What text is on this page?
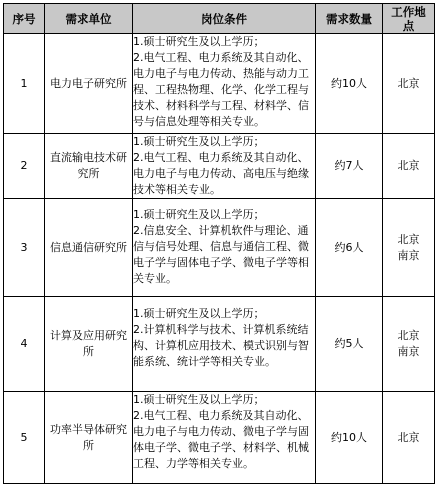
序号	需求单位	岗位条件	需求数量	工作地点
1	电力电子研究所	1.硕士研究生及以上学历；
2.电气工程、电力系统及其自动化、电力电子与电力传动、热能与动力工程、工程热物理、化学、化学工程与技术、材料科学与工程、材料学、信号与信息处理等相关专业。	约10人	北京

2	直流输电技术研究所	1.硕士研究生及以上学历；
2.电气工程、电力系统及其自动化、电力电子与电力传动、高电压与绝缘技术等相关专业。	约7人	北京

3	信息通信研究所	1.硕士研究生及以上学历；
2.信息安全、计算机软件与理论、通信与信号处理、信息与通信工程、微电子学与固体电子学、微电子学等相关专业。	约6人	北京
南京

4	计算及应用研究所	1.硕士研究生及以上学历；
2.计算机科学与技术、计算机系统结构、计算机应用技术、模式识别与智能系统、统计学等相关专业。	约5人	北京
南京

5	功率半导体研究所	1.硕士研究生及以上学历；
2.电气工程、电力系统及其自动化、电力电子与电力传动、微电子学与固体电子学、微电子学、材料学、机械工程、力学等相关专业。	约10人	北京
